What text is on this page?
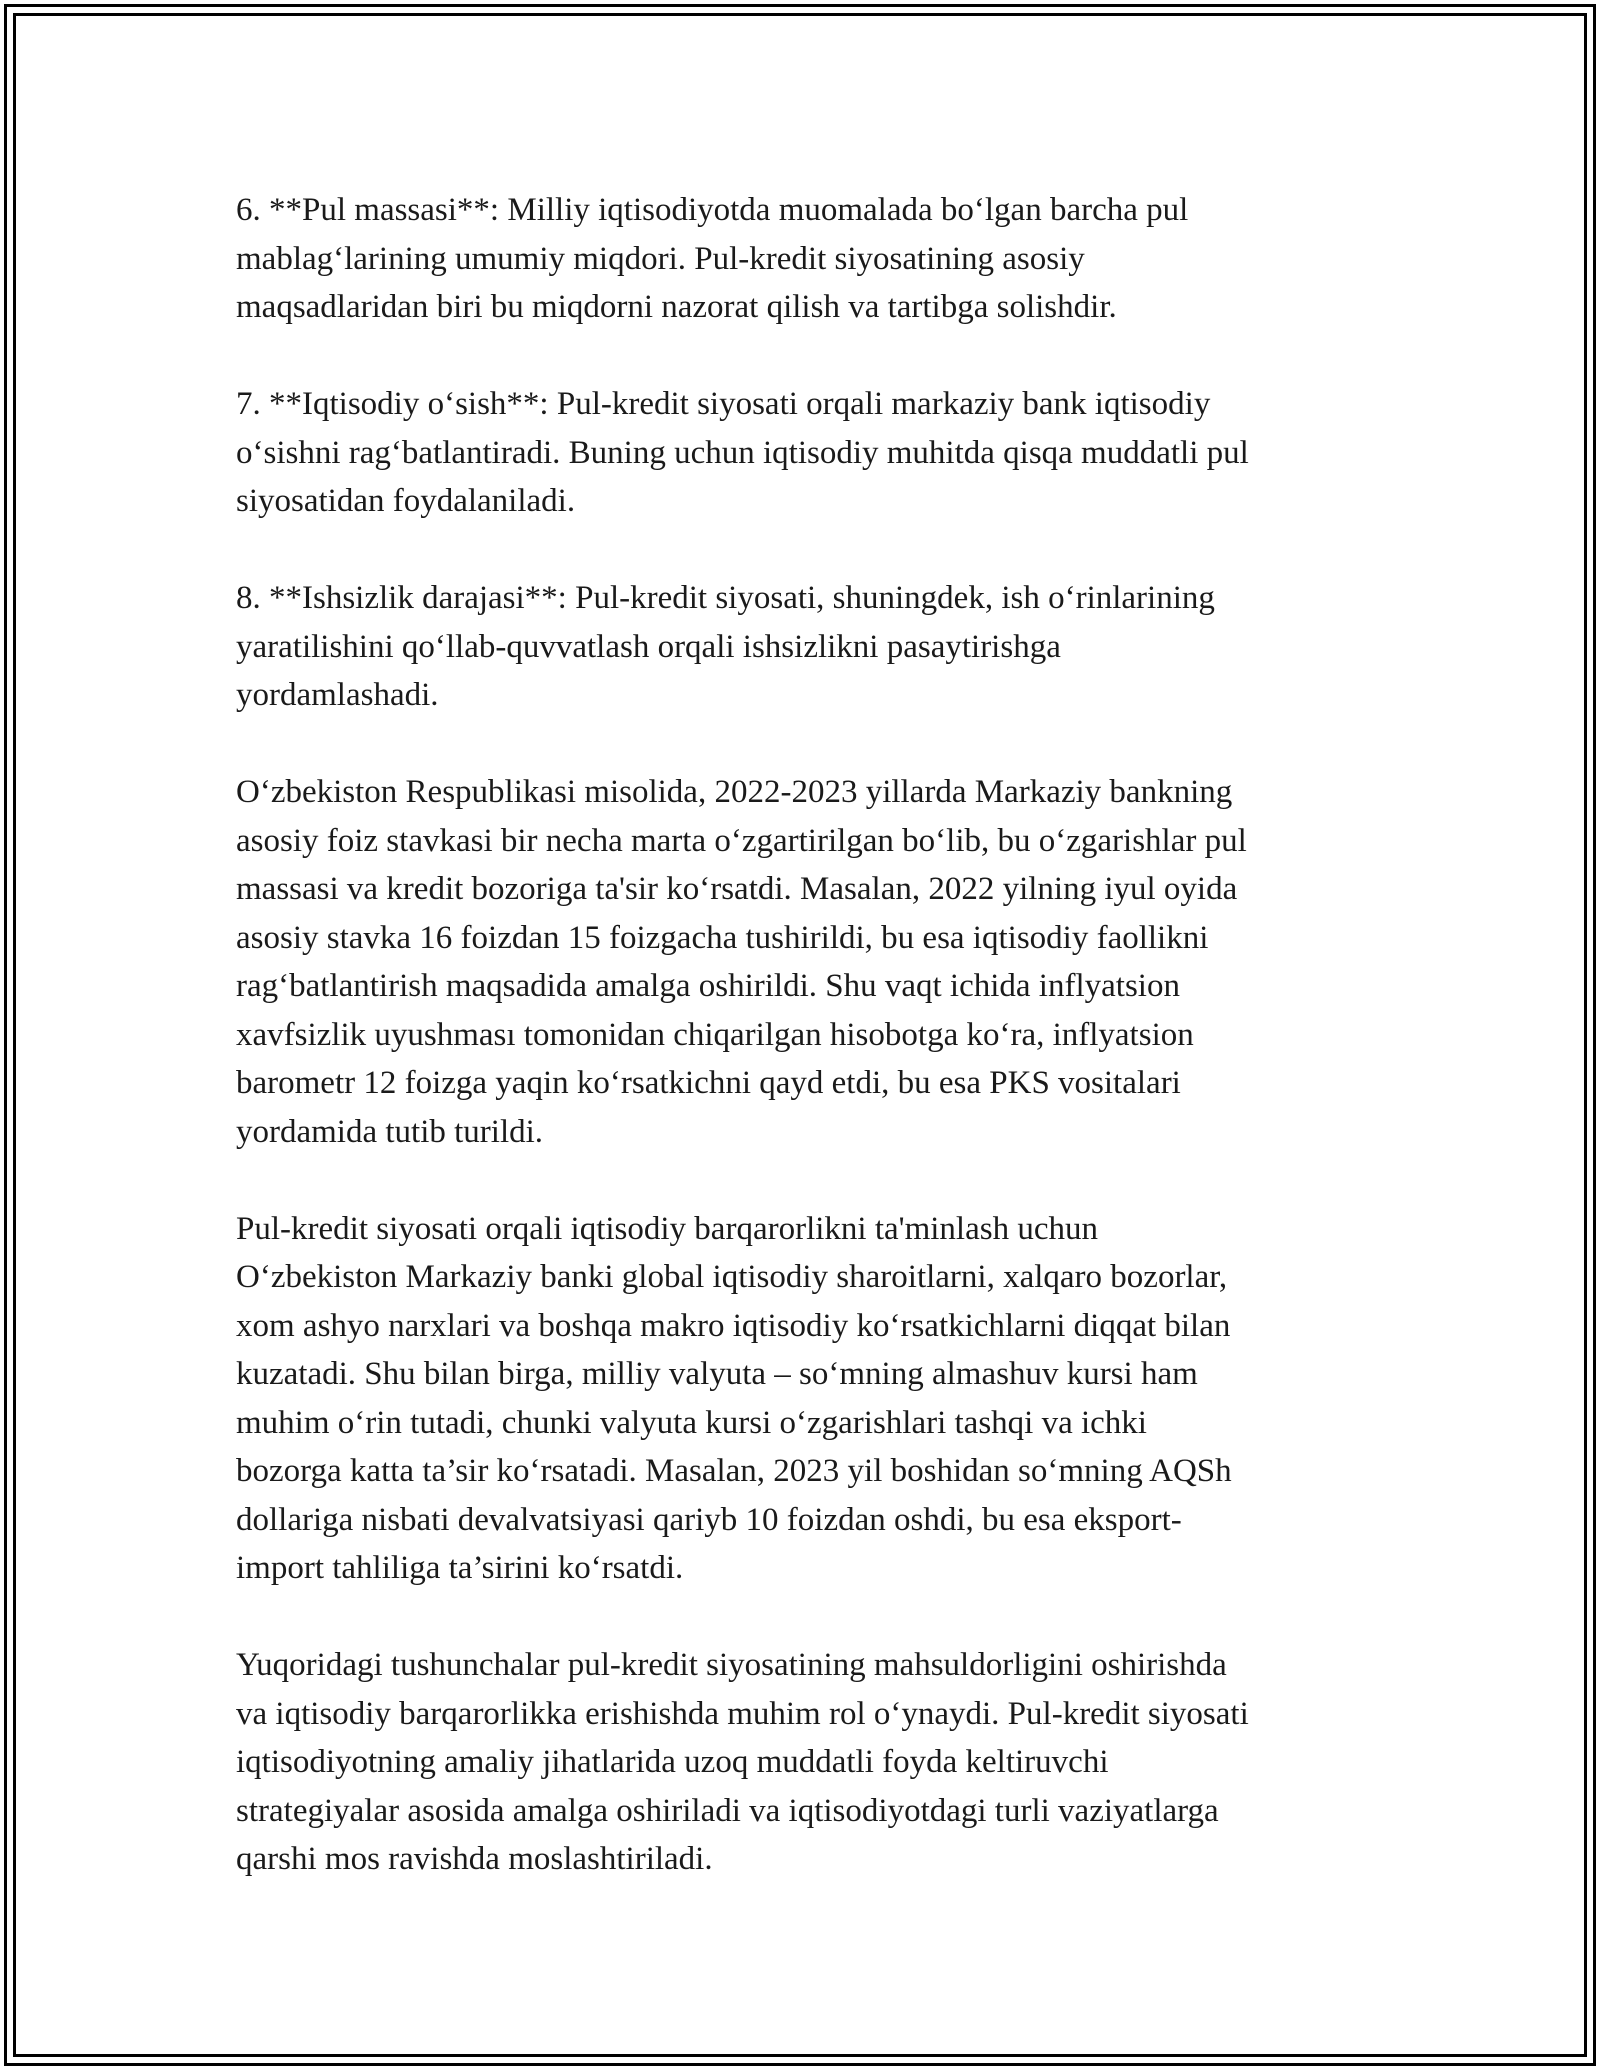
6. **Pul massasi**: Milliy iqtisodiyotda muomalada bo‘lgan barcha pul
mablag‘larining umumiy miqdori. Pul-kredit siyosatining asosiy
maqsadlaridan biri bu miqdorni nazorat qilish va tartibga solishdir.

7. **Iqtisodiy o‘sish**: Pul-kredit siyosati orqali markaziy bank iqtisodiy
o‘sishni rag‘batlantiradi. Buning uchun iqtisodiy muhitda qisqa muddatli pul
siyosatidan foydalaniladi.

8. **Ishsizlik darajasi**: Pul-kredit siyosati, shuningdek, ish o‘rinlarining
yaratilishini qo‘llab-quvvatlash orqali ishsizlikni pasaytirishga
yordamlashadi.

O‘zbekiston Respublikasi misolida, 2022-2023 yillarda Markaziy bankning
asosiy foiz stavkasi bir necha marta o‘zgartirilgan bo‘lib, bu o‘zgarishlar pul
massasi va kredit bozoriga ta'sir ko‘rsatdi. Masalan, 2022 yilning iyul oyida
asosiy stavka 16 foizdan 15 foizgacha tushirildi, bu esa iqtisodiy faollikni
rag‘batlantirish maqsadida amalga oshirildi. Shu vaqt ichida inflyatsion
xavfsizlik uyushması tomonidan chiqarilgan hisobotga ko‘ra, inflyatsion
barometr 12 foizga yaqin ko‘rsatkichni qayd etdi, bu esa PKS vositalari
yordamida tutib turildi.

Pul-kredit siyosati orqali iqtisodiy barqarorlikni ta'minlash uchun
O‘zbekiston Markaziy banki global iqtisodiy sharoitlarni, xalqaro bozorlar,
xom ashyo narxlari va boshqa makro iqtisodiy ko‘rsatkichlarni diqqat bilan
kuzatadi. Shu bilan birga, milliy valyuta – so‘mning almashuv kursi ham
muhim o‘rin tutadi, chunki valyuta kursi o‘zgarishlari tashqi va ichki
bozorga katta ta’sir ko‘rsatadi. Masalan, 2023 yil boshidan so‘mning AQSh
dollariga nisbati devalvatsiyasi qariyb 10 foizdan oshdi, bu esa eksport-
import tahliliga ta’sirini ko‘rsatdi.

Yuqoridagi tushunchalar pul-kredit siyosatining mahsuldorligini oshirishda
va iqtisodiy barqarorlikka erishishda muhim rol o‘ynaydi. Pul-kredit siyosati
iqtisodiyotning amaliy jihatlarida uzoq muddatli foyda keltiruvchi
strategiyalar asosida amalga oshiriladi va iqtisodiyotdagi turli vaziyatlarga
qarshi mos ravishda moslashtiriladi.
